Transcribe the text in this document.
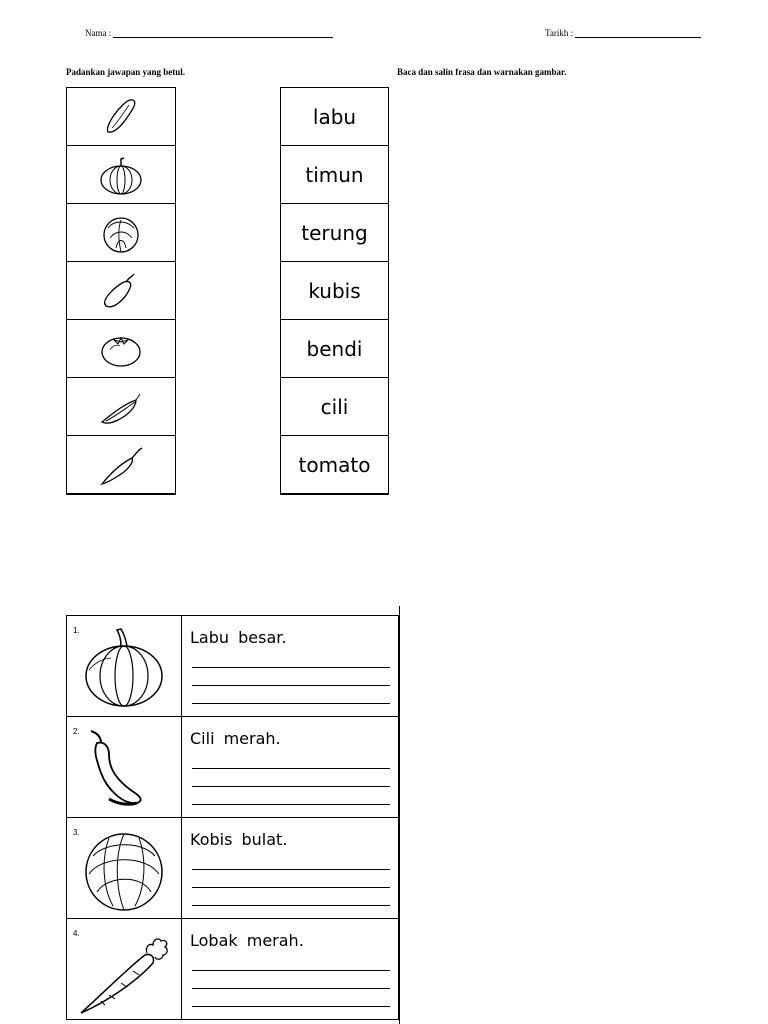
Nama :	Tarikh :
Padankan jawapan yang betul.	Baca dan salin frasa dan warnakan gambar.
labu
timun
terung
kubis
bendi
cili
tomato
1.	Labu besar.

2.	Cili merah.

3.	Kobis bulat.

4.	Lobak merah.
